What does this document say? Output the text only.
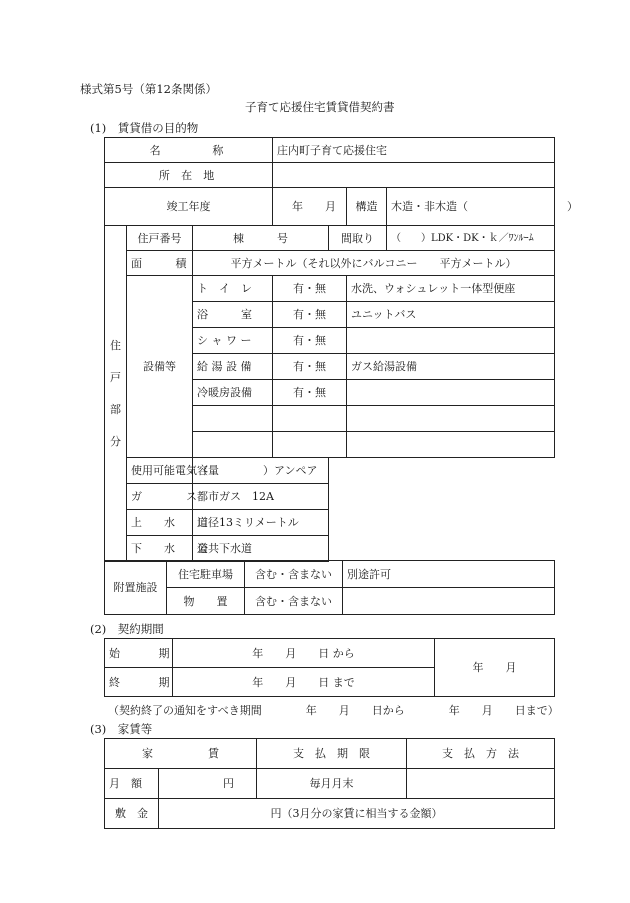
様式第5号（第12条関係）
子育て応援住宅賃貸借契約書
(1)　賃貸借の目的物
名　　称			庄内町子育て応援住宅			
所 在 地						
竣工年度			年　　月		構造	木造・非木造（　　　　　　　　　）
住戸部分	住戸番号	棟　　　号		間取り		（　　）LDK・DK・ｋ／ﾜﾝﾙｰﾑ
	面　　積	平方メートル（それ以外にバルコニー　　平方メートル）				
	設備等	ト　イ　レ	有・無		水洗、ウォシュレット一体型便座	
		浴　　　室	有・無		ユニットバス	
		シ ャ ワ ー	有・無			
		給 湯 設 備	有・無		ガス給湯設備	
		冷暖房設備	有・無			

	使用可能電気容量	（　　　　　）アンペア				
	ガ　　　　ス	都市ガス　12A				
	上　　水　　道	口径13ミリメートル				
	下　　水　　道	公共下水道				
附置施設	住宅駐車場	含む・含まない	別途許可
	物　　置	含む・含まない	
(2)　契約期間
始　　期	年　　月　　日 から	年　　月
終　　期	年　　月　　日 まで	
（契約終了の通知をすべき期間　　　　年　　月　　日から　　　　年　　月　　日まで）
(3)　家賃等
家　　　　　賃		支　払　期　限	支　払　方　法
月　額	円	毎月月末	
敷　金	円（3月分の家賃に相当する金額）		
